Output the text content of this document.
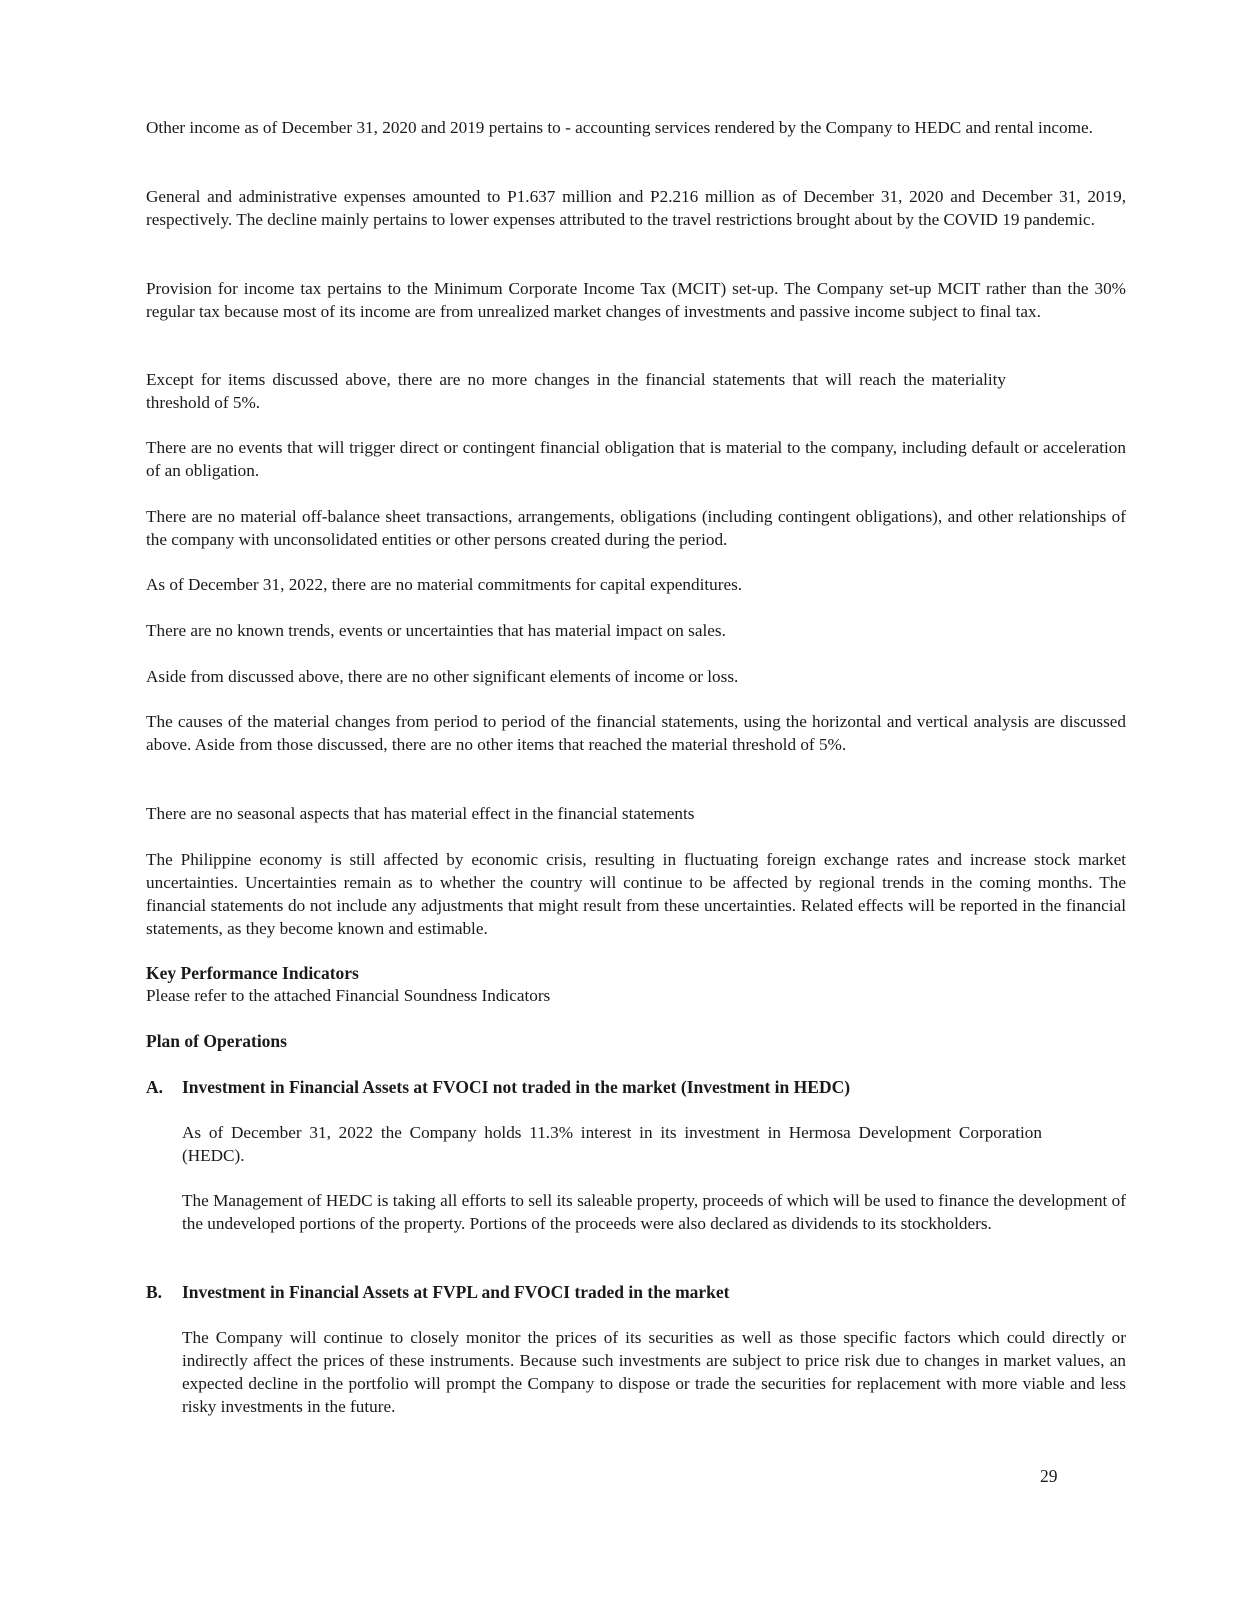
Other income as of December 31, 2020 and 2019 pertains to - accounting services rendered by the Company to HEDC and rental income.

General and administrative expenses amounted to P1.637 million and P2.216 million as of December 31, 2020 and December 31, 2019, respectively. The decline mainly pertains to lower expenses attributed to the travel restrictions brought about by the COVID 19 pandemic.

Provision for income tax pertains to the Minimum Corporate Income Tax (MCIT) set-up. The Company set-up MCIT rather than the 30% regular tax because most of its income are from unrealized market changes of investments and passive income subject to final tax.

Except for items discussed above, there are no more changes in the financial statements that will reach the materiality threshold of 5%.

There are no events that will trigger direct or contingent financial obligation that is material to the company, including default or acceleration of an obligation.

There are no material off-balance sheet transactions, arrangements, obligations (including contingent obligations), and other relationships of the company with unconsolidated entities or other persons created during the period.

As of December 31, 2022, there are no material commitments for capital expenditures.

There are no known trends, events or uncertainties that has material impact on sales.

Aside from discussed above, there are no other significant elements of income or loss.

The causes of the material changes from period to period of the financial statements, using the horizontal and vertical analysis are discussed above. Aside from those discussed, there are no other items that reached the material threshold of 5%.

There are no seasonal aspects that has material effect in the financial statements

The Philippine economy is still affected by economic crisis, resulting in fluctuating foreign exchange rates and increase stock market uncertainties. Uncertainties remain as to whether the country will continue to be affected by regional trends in the coming months. The financial statements do not include any adjustments that might result from these uncertainties. Related effects will be reported in the financial statements, as they become known and estimable.

Key Performance Indicators

Please refer to the attached Financial Soundness Indicators

Plan of Operations

A. Investment in Financial Assets at FVOCI not traded in the market (Investment in HEDC)

As of December 31, 2022 the Company holds 11.3% interest in its investment in Hermosa Development Corporation (HEDC).

The Management of HEDC is taking all efforts to sell its saleable property, proceeds of which will be used to finance the development of the undeveloped portions of the property. Portions of the proceeds were also declared as dividends to its stockholders.

B. Investment in Financial Assets at FVPL and FVOCI traded in the market

The Company will continue to closely monitor the prices of its securities as well as those specific factors which could directly or indirectly affect the prices of these instruments. Because such investments are subject to price risk due to changes in market values, an expected decline in the portfolio will prompt the Company to dispose or trade the securities for replacement with more viable and less risky investments in the future.

29
